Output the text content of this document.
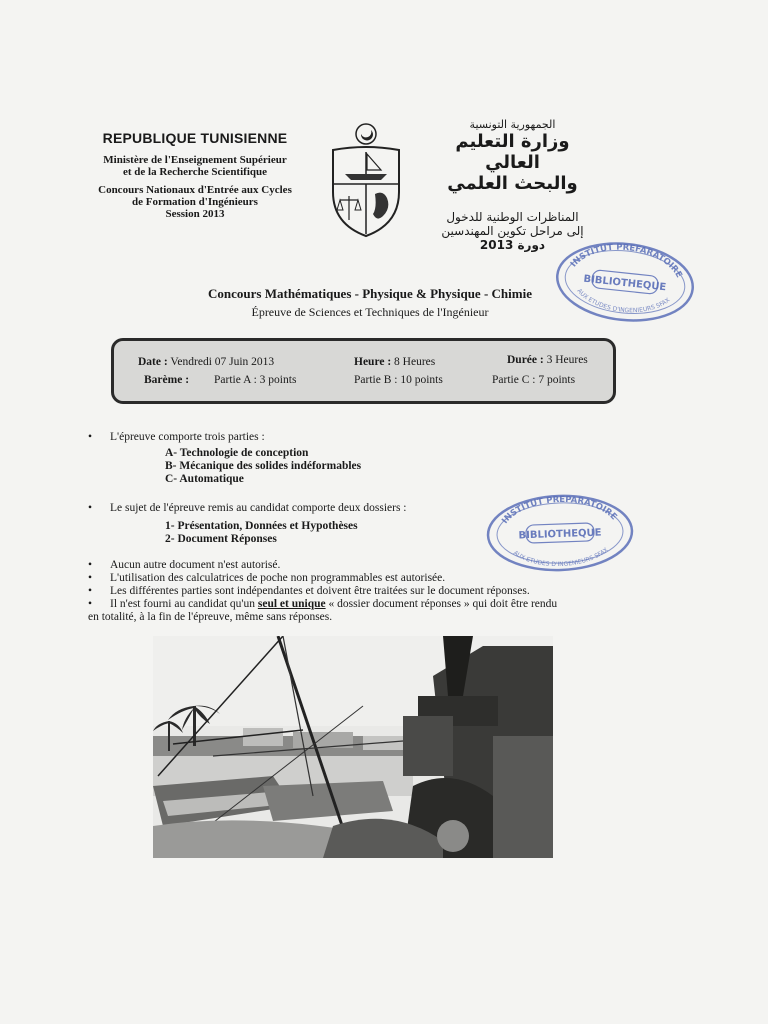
REPUBLIQUE TUNISIENNE
Ministère de l'Enseignement Supérieur
et de la Recherche Scientifique
Concours Nationaux d'Entrée aux Cycles
de Formation d'Ingénieurs
Session 2013
الجمهورية التونسية
وزارة التعليم العالي
والبحث العلمي
المناظرات الوطنية للدخول
إلى مراحل تكوين المهندسين
دورة 2013
INSTITUT PREFARATOIRE
BIBLIOTHEQUE
AUX ETUDES D'INGENIEURS SFAX
Concours Mathématiques - Physique & Physique - Chimie
Épreuve de Sciences et Techniques de l'Ingénieur
Date : Vendredi 07 Juin 2013	Heure : 8 Heures	Durée : 3 Heures
Barème : Partie A : 3 points	Partie B : 10 points	Partie C : 7 points
• L'épreuve comporte trois parties :
A- Technologie de conception
B- Mécanique des solides indéformables
C- Automatique
• Le sujet de l'épreuve remis au candidat comporte deux dossiers :
1- Présentation, Données et Hypothèses
2- Document Réponses
• Aucun autre document n'est autorisé.
• L'utilisation des calculatrices de poche non programmables est autorisée.
• Les différentes parties sont indépendantes et doivent être traitées sur le document réponses.
• Il n'est fourni au candidat qu'un seul et unique « dossier document réponses » qui doit être rendu
en totalité, à la fin de l'épreuve, même sans réponses.
INSTITUT PREPARATOIRE
BIBLIOTHEQUE
AUX ETUDES D'INGENIEURS SFAX
